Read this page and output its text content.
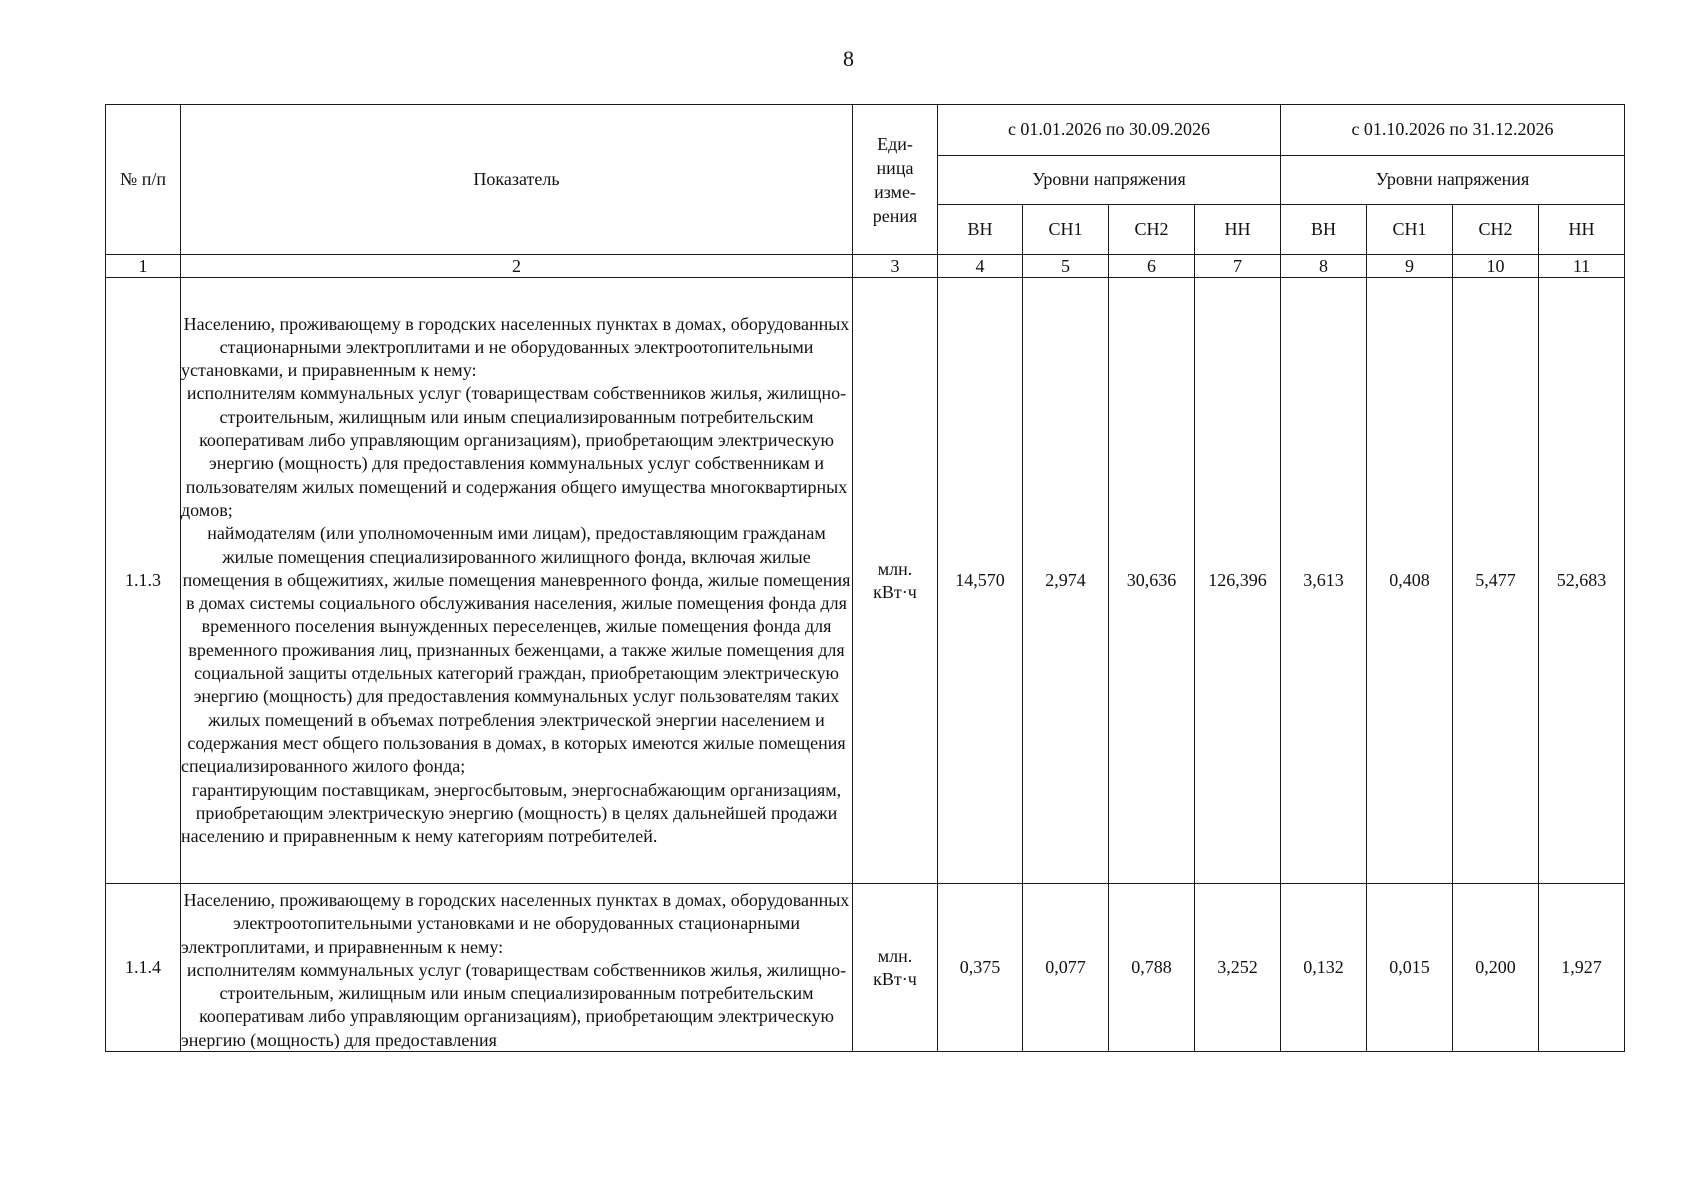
8
№ п/п	Показатель	Еди-
ница
изме-
рения	с 01.01.2026 по 30.09.2026				с 01.10.2026 по 31.12.2026			
			Уровни напряжения				Уровни напряжения			
			ВН	СН1	СН2	НН	ВН	СН1	СН2	НН
1	2	3	4	5	6	7	8	9	10	11
1.1.3	Населению, проживающему в городских населенных пунктах в домах, оборудованных стационарными электроплитами и не оборудованных электроотопительными установками, и приравненным к нему:
исполнителям коммунальных услуг (товариществам собственников жилья, жилищно-строительным, жилищным или иным специализированным потребительским кооперативам либо управляющим организациям), приобретающим электрическую энергию (мощность) для предоставления коммунальных услуг собственникам и пользователям жилых помещений и содержания общего имущества многоквартирных домов;
наймодателям (или уполномоченным ими лицам), предоставляющим гражданам жилые помещения специализированного жилищного фонда, включая жилые помещения в общежитиях, жилые помещения маневренного фонда, жилые помещения в домах системы социального обслуживания населения, жилые помещения фонда для временного поселения вынужденных переселенцев, жилые помещения фонда для временного проживания лиц, признанных беженцами, а также жилые помещения для социальной защиты отдельных категорий граждан, приобретающим электрическую энергию (мощность) для предоставления коммунальных услуг пользователям таких жилых помещений в объемах потребления электрической энергии населением и содержания мест общего пользования в домах, в которых имеются жилые помещения специализированного жилого фонда;
гарантирующим поставщикам, энергосбытовым, энергоснабжающим организациям, приобретающим электрическую энергию (мощность) в целях дальнейшей продажи населению и приравненным к нему категориям потребителей.	млн.
кВт·ч	14,570	2,974	30,636	126,396	3,613	0,408	5,477	52,683
1.1.4	Населению, проживающему в городских населенных пунктах в домах, оборудованных электроотопительными установками и не оборудованных стационарными электроплитами, и приравненным к нему:
исполнителям коммунальных услуг (товариществам собственников жилья, жилищно-строительным, жилищным или иным специализированным потребительским кооперативам либо управляющим организациям), приобретающим электрическую энергию (мощность) для предоставления	млн.
кВт·ч	0,375	0,077	0,788	3,252	0,132	0,015	0,200	1,927
